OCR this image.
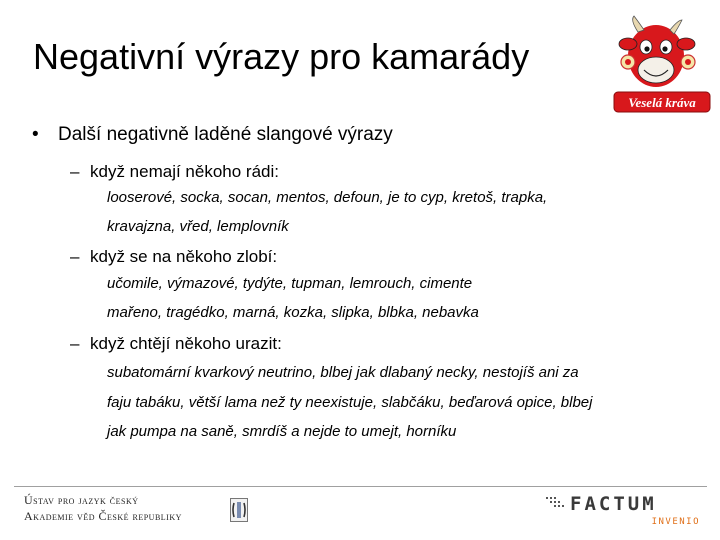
Negativní výrazy pro kamarády
Veselá kráva
• Další negativně laděné slangové výrazy
– když nemají někoho rádi:
looserové, socka, socan, mentos, defoun, je to cyp, kretoš, trapka,
kravajzna, vřed, lemplovník
– když se na někoho zlobí:
učomile, výmazové, tydýte, tupman, lemrouch, cimente
mařeno, tragédko, marná, kozka, slipka, blbka, nebavka
– když chtějí někoho urazit:
subatomární kvarkový neutrino, blbej jak dlabaný necky, nestojíš ani za
faju tabáku, větší lama než ty neexistuje, slabčáku, beďarová opice, blbej
jak pumpa na saně, smrdíš a nejde to umejt, horníku
Ústav pro jazyk český
Akademie věd České republiky
FACTUM
INVENIO
